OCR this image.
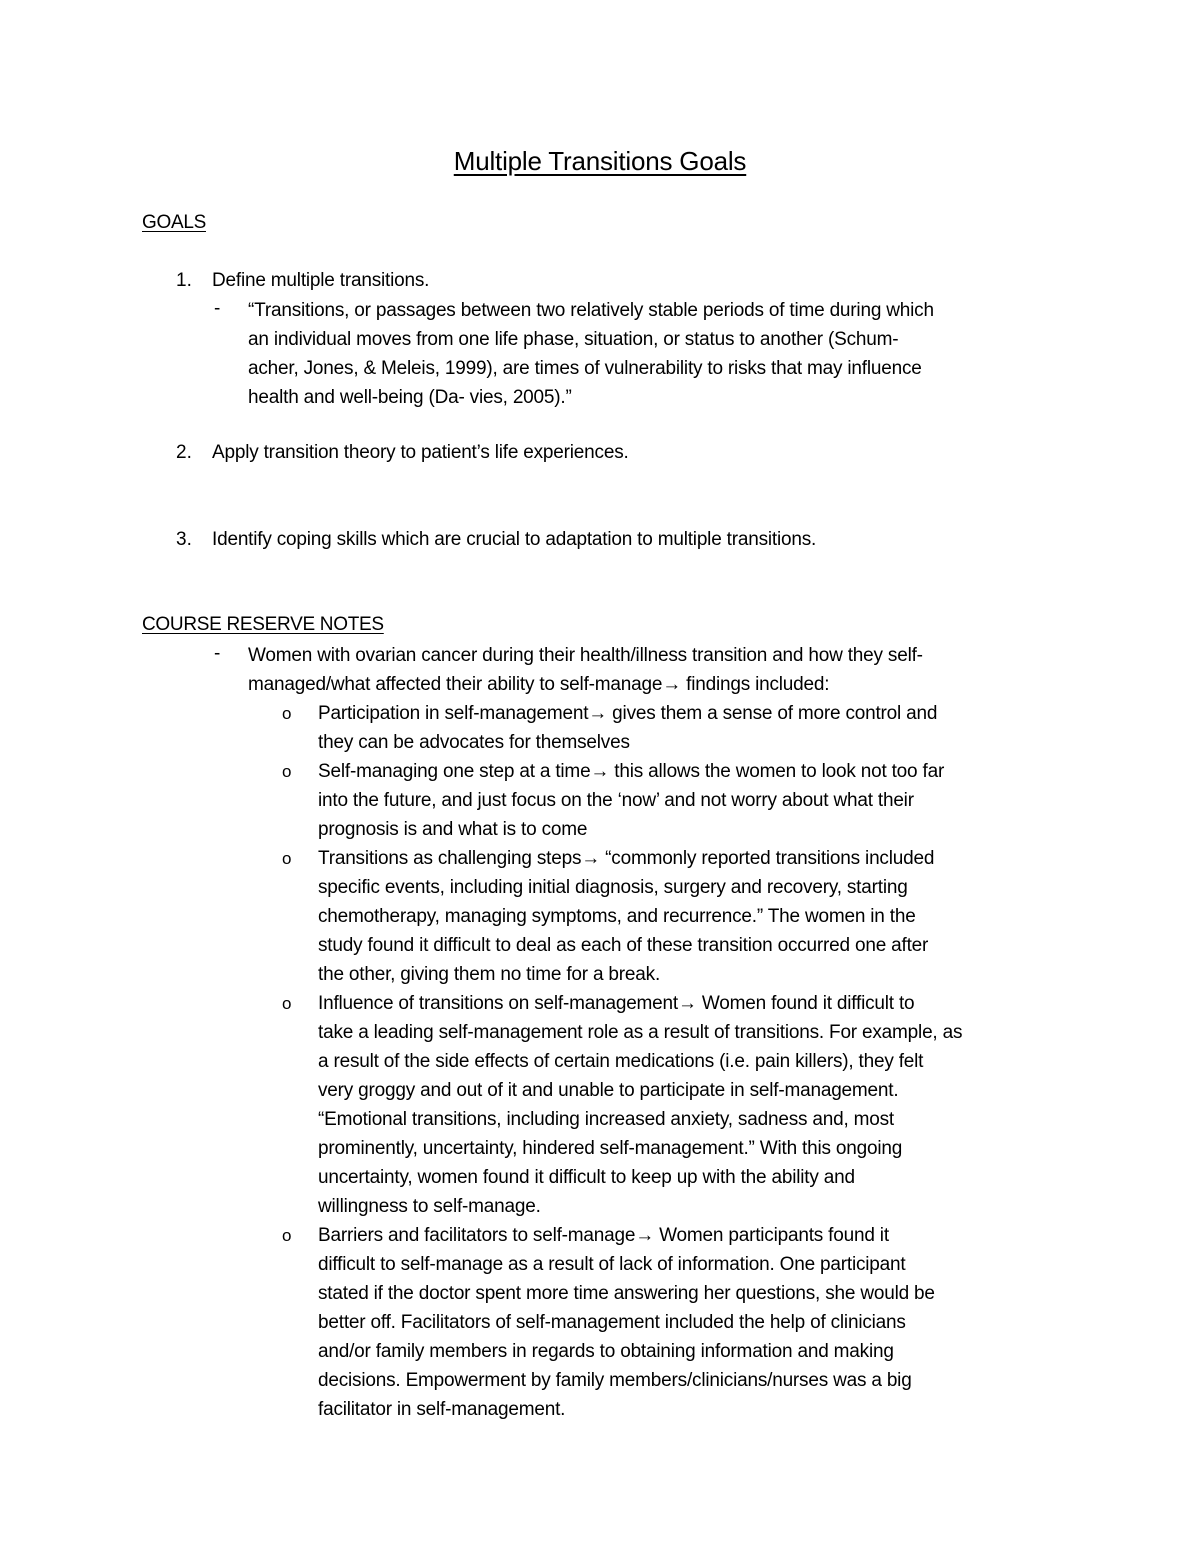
Multiple Transitions Goals
GOALS
1. Define multiple transitions.
- “Transitions, or passages between two relatively stable periods of time during which
an individual moves from one life phase, situation, or status to another (Schum-
acher, Jones, & Meleis, 1999), are times of vulnerability to risks that may influence
health and well-being (Da- vies, 2005).”
2. Apply transition theory to patient’s life experiences.
3. Identify coping skills which are crucial to adaptation to multiple transitions.
COURSE RESERVE NOTES
- Women with ovarian cancer during their health/illness transition and how they self-
managed/what affected their ability to self-manage→ findings included:
o Participation in self-management→ gives them a sense of more control and
they can be advocates for themselves
o Self-managing one step at a time→ this allows the women to look not too far
into the future, and just focus on the ‘now’ and not worry about what their
prognosis is and what is to come
o Transitions as challenging steps→ “commonly reported transitions included
specific events, including initial diagnosis, surgery and recovery, starting
chemotherapy, managing symptoms, and recurrence.” The women in the
study found it difficult to deal as each of these transition occurred one after
the other, giving them no time for a break.
o Influence of transitions on self-management→ Women found it difficult to
take a leading self-management role as a result of transitions. For example, as
a result of the side effects of certain medications (i.e. pain killers), they felt
very groggy and out of it and unable to participate in self-management.
“Emotional transitions, including increased anxiety, sadness and, most
prominently, uncertainty, hindered self-management.” With this ongoing
uncertainty, women found it difficult to keep up with the ability and
willingness to self-manage.
o Barriers and facilitators to self-manage→ Women participants found it
difficult to self-manage as a result of lack of information. One participant
stated if the doctor spent more time answering her questions, she would be
better off. Facilitators of self-management included the help of clinicians
and/or family members in regards to obtaining information and making
decisions. Empowerment by family members/clinicians/nurses was a big
facilitator in self-management.
